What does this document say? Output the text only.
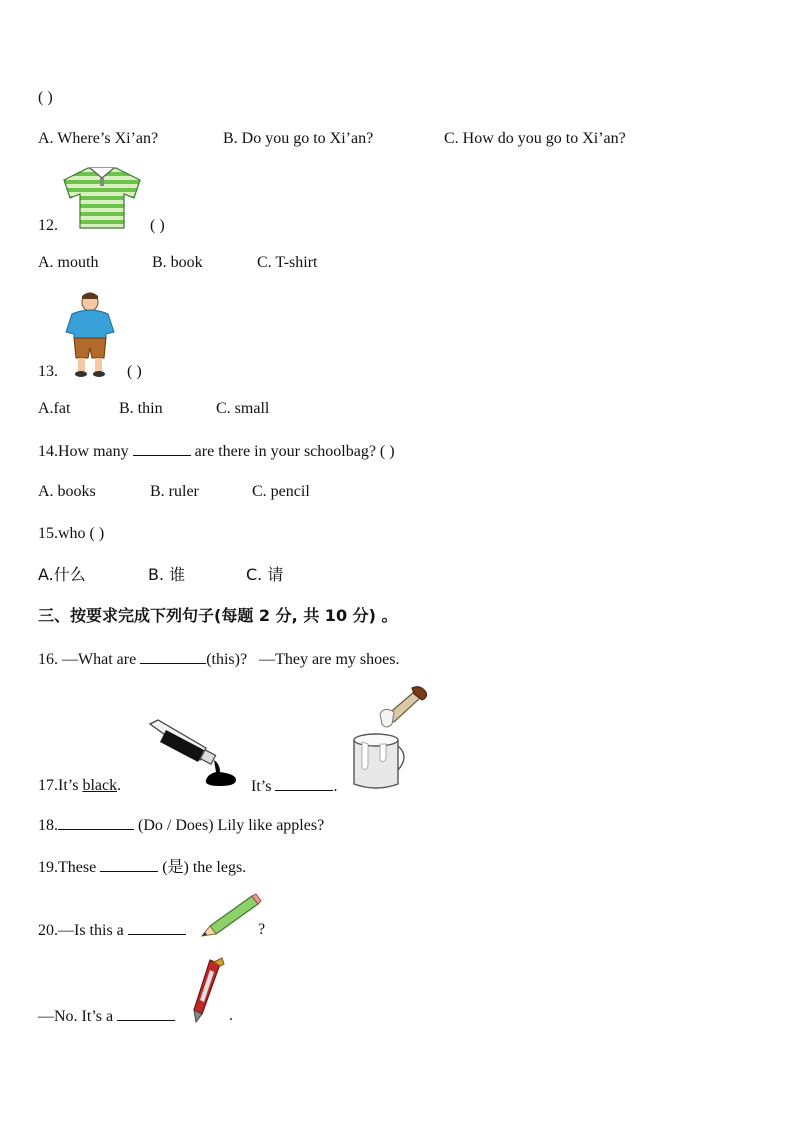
( )
A. Where’s Xi’an?	B. Do you go to Xi’an?	C. How do you go to Xi’an?
12.	( )
A. mouth	B. book	C. T-shirt
13.	( )
A.fat	B. thin	C. small
14.How many	are there in your schoolbag? ( )
A. books	B. ruler	C. pencil
15.who ( )
A.什么	B. 谁	C. 请
三、按要求完成下列句子(每题 2 分, 共 10 分) 。
16. —What are	(this)? —They are my shoes.
17.It’s black.	It’s	.
18.	(Do / Does) Lily like apples?
19.These	(是) the legs.
20.—Is this a	?
—No. It’s a	.
